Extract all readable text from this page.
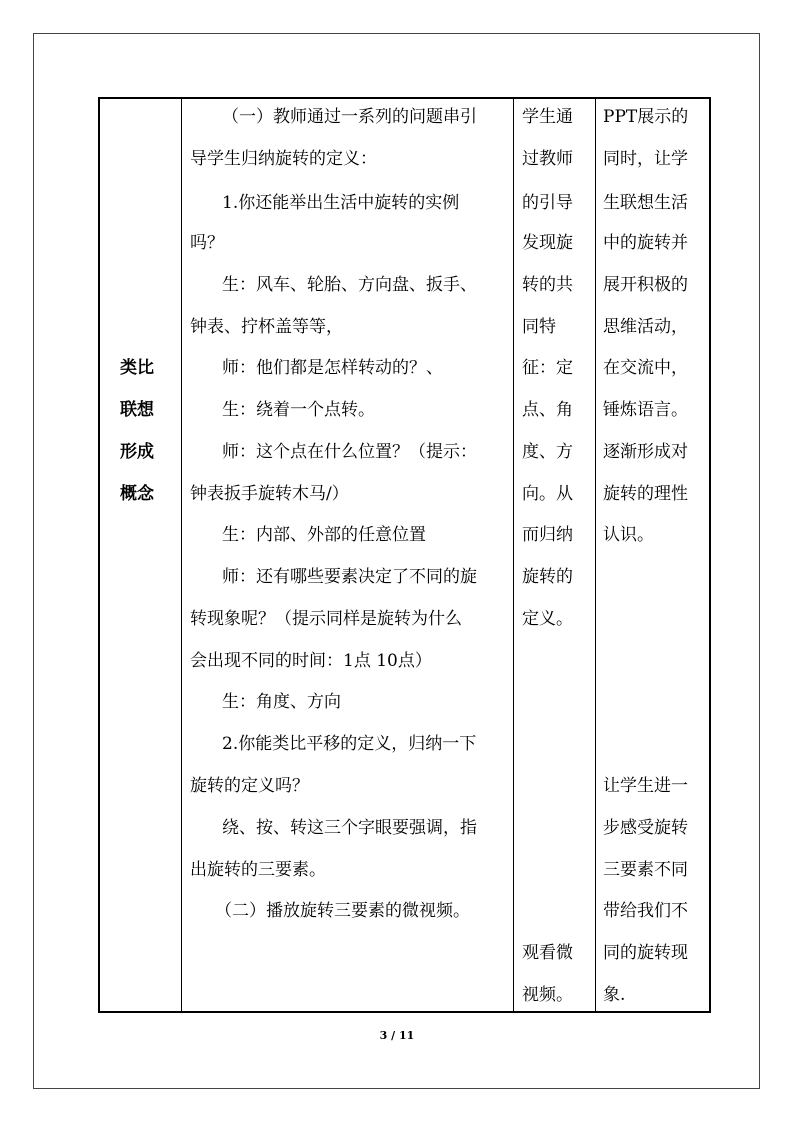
类比
联想
形成
概念
（一）教师通过一系列的问题串引
导学生归纳旋转的定义：
1.你还能举出生活中旋转的实例
吗？
生：风车、轮胎、方向盘、扳手、
钟表、拧杯盖等等，
师：他们都是怎样转动的？、
生：绕着一个点转。
师：这个点在什么位置？（提示：
钟表扳手旋转木马/）
生：内部、外部的任意位置
师：还有哪些要素决定了不同的旋
转现象呢？（提示同样是旋转为什么
会出现不同的时间：1点 10点）
生：角度、方向
2.你能类比平移的定义，归纳一下
旋转的定义吗？
绕、按、转这三个字眼要强调，指
出旋转的三要素。
（二）播放旋转三要素的微视频。
学生通
过教师
的引导
发现旋
转的共
同特
征：定
点、角
度、方
向。从
而归纳
旋转的
定义。
观看微
视频。
PPT展示的
同时，让学
生联想生活
中的旋转并
展开积极的
思维活动，
在交流中，
锤炼语言。
逐渐形成对
旋转的理性
认识。
让学生进一
步感受旋转
三要素不同
带给我们不
同的旋转现
象.
3 / 11
